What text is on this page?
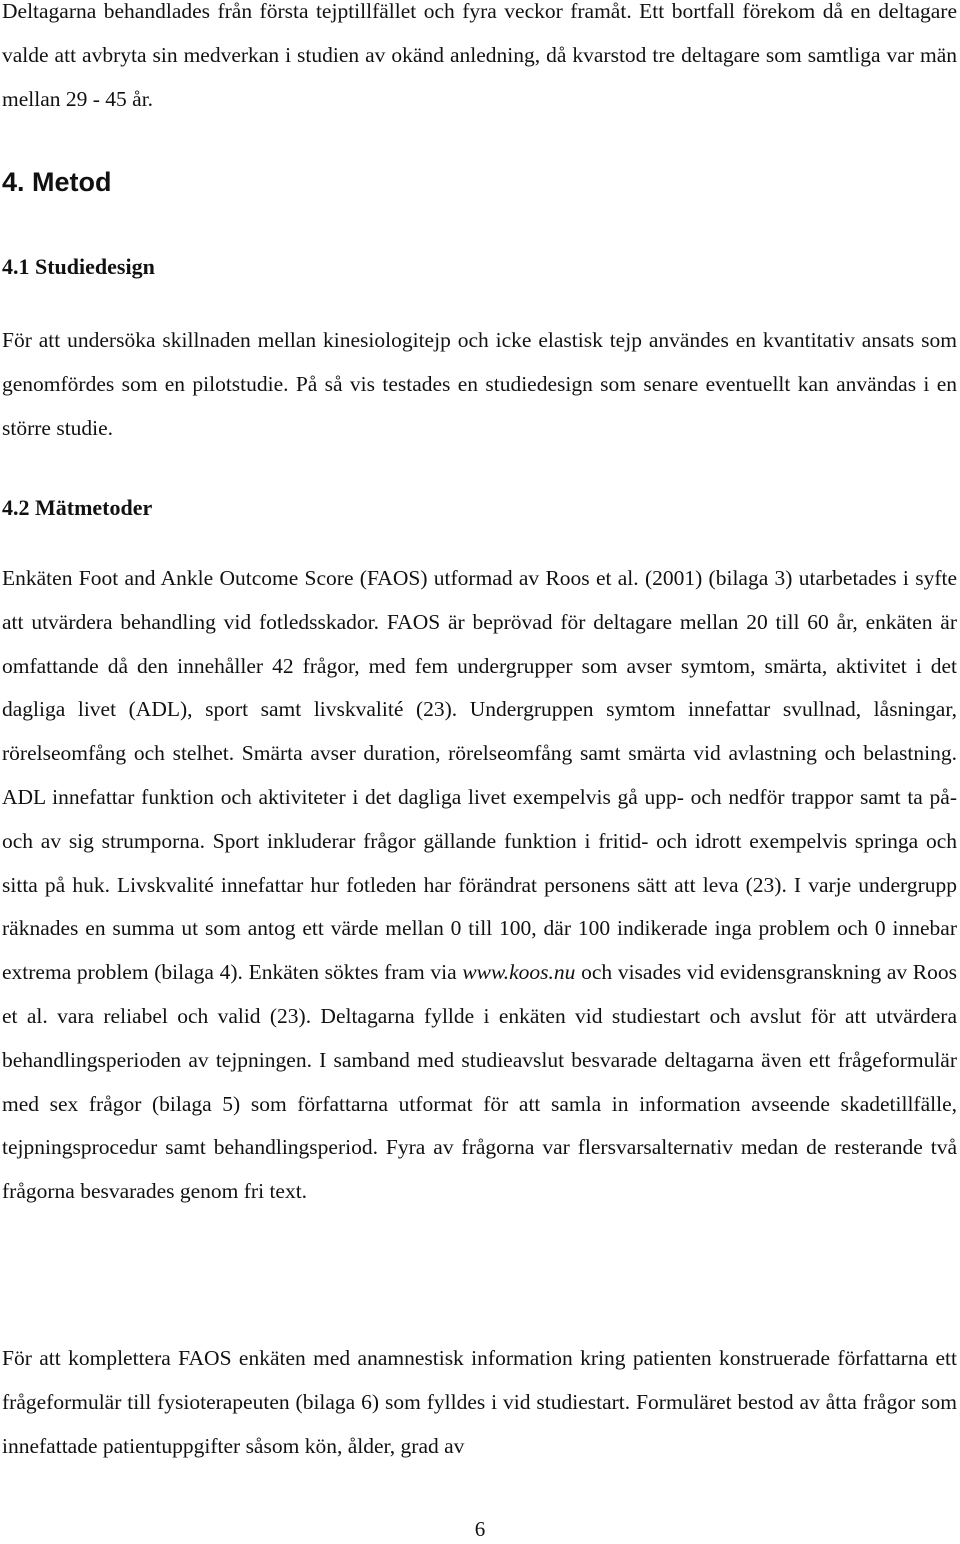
Deltagarna behandlades från första tejptillfället och fyra veckor framåt. Ett bortfall förekom då en deltagare valde att avbryta sin medverkan i studien av okänd anledning, då kvarstod tre deltagare som samtliga var män mellan 29 - 45 år.

4. Metod
4.1 Studiedesign

För att undersöka skillnaden mellan kinesiologitejp och icke elastisk tejp användes en kvantitativ ansats som genomfördes som en pilotstudie. På så vis testades en studiedesign som senare eventuellt kan användas i en större studie.

4.2 Mätmetoder

Enkäten Foot and Ankle Outcome Score (FAOS) utformad av Roos et al. (2001) (bilaga 3) utarbetades i syfte att utvärdera behandling vid fotledsskador. FAOS är beprövad för deltagare mellan 20 till 60 år, enkäten är omfattande då den innehåller 42 frågor, med fem undergrupper som avser symtom, smärta, aktivitet i det dagliga livet (ADL), sport samt livskvalité (23). Undergruppen symtom innefattar svullnad, låsningar, rörelseomfång och stelhet. Smärta avser duration, rörelseomfång samt smärta vid avlastning och belastning. ADL innefattar funktion och aktiviteter i det dagliga livet exempelvis gå upp- och nedför trappor samt ta på- och av sig strumporna. Sport inkluderar frågor gällande funktion i fritid- och idrott exempelvis springa och sitta på huk. Livskvalité innefattar hur fotleden har förändrat personens sätt att leva (23). I varje undergrupp räknades en summa ut som antog ett värde mellan 0 till 100, där 100 indikerade inga problem och 0 innebar extrema problem (bilaga 4). Enkäten söktes fram via www.koos.nu och visades vid evidensgranskning av Roos et al. vara reliabel och valid (23). Deltagarna fyllde i enkäten vid studiestart och avslut för att utvärdera behandlingsperioden av tejpningen. I samband med studieavslut besvarade deltagarna även ett frågeformulär med sex frågor (bilaga 5) som författarna utformat för att samla in information avseende skadetillfälle, tejpningsprocedur samt behandlingsperiod. Fyra av frågorna var flersvarsalternativ medan de resterande två frågorna besvarades genom fri text.

För att komplettera FAOS enkäten med anamnestisk information kring patienten konstruerade författarna ett frågeformulär till fysioterapeuten (bilaga 6) som fylldes i vid studiestart. Formuläret bestod av åtta frågor som innefattade patientuppgifter såsom kön, ålder, grad av

6
